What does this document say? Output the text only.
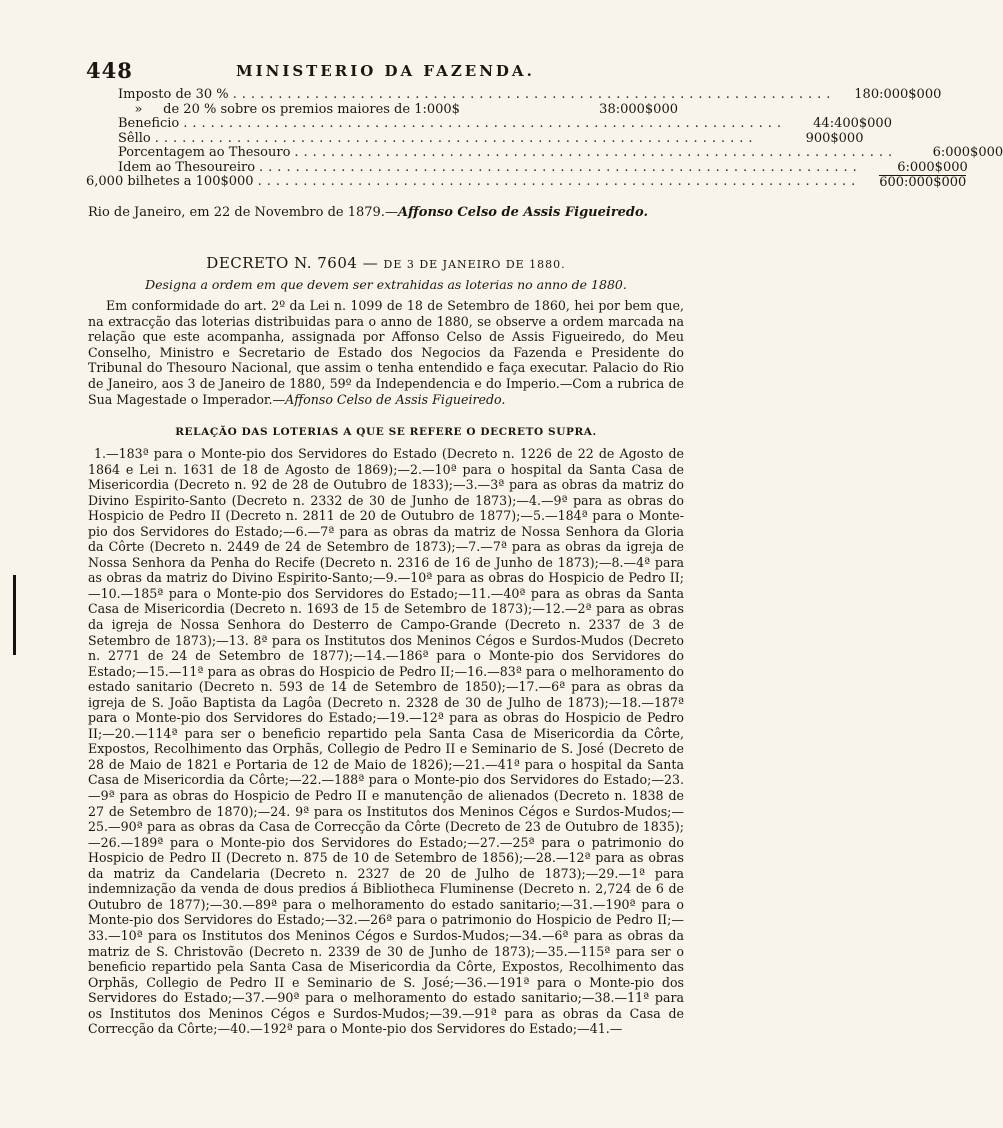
448	MINISTERIO DA FAZENDA.
Imposto de 30 % ..................................................................	180:000$000
»     de 20 % sobre os premios maiores de 1:000$	38:000$000
Beneficio ..................................................................	44:400$000
Sêllo ..................................................................	900$000
Porcentagem ao Thesouro ..................................................................	6:000$000
Idem ao Thesoureiro ..................................................................	6:000$000
6,000 bilhetes a 100$000 ..................................................................	600:000$000
Rio de Janeiro, em 22 de Novembro de 1879.—Affonso Celso de Assis Figueiredo.
DECRETO N. 7604 — DE 3 DE JANEIRO DE 1880.
Designa a ordem em que devem ser extrahidas as loterias no anno de 1880.

Em conformidade do art. 2º da Lei n. 1099 de 18 de Setembro de 1860, hei por bem que, na extracção das loterias distribuidas para o anno de 1880, se observe a ordem marcada na relação que este acompanha, assignada por Affonso Celso de Assis Figueiredo, do Meu Conselho, Ministro e Secretario de Estado dos Negocios da Fazenda e Presidente do Tribunal do Thesouro Nacional, que assim o tenha entendido e faça executar. Palacio do Rio de Janeiro, aos 3 de Janeiro de 1880, 59º da Independencia e do Imperio.—Com a rubrica de Sua Magestade o Imperador.—Affonso Celso de Assis Figueiredo.

RELAÇÃO DAS LOTERIAS A QUE SE REFERE O DECRETO SUPRA.

1.—183ª para o Monte-pio dos Servidores do Estado (Decreto n. 1226 de 22 de Agosto de 1864 e Lei n. 1631 de 18 de Agosto de 1869);—2.—10ª para o hospital da Santa Casa de Misericordia (Decreto n. 92 de 28 de Outubro de 1833);—3.—3ª para as obras da matriz do Divino Espirito-Santo (Decreto n. 2332 de 30 de Junho de 1873);—4.—9ª para as obras do Hospicio de Pedro II (Decreto n. 2811 de 20 de Outubro de 1877);—5.—184ª para o Monte-pio dos Servidores do Estado;—6.—7ª para as obras da matriz de Nossa Senhora da Gloria da Côrte (Decreto n. 2449 de 24 de Setembro de 1873);—7.—7ª para as obras da igreja de Nossa Senhora da Penha do Recife (Decreto n. 2316 de 16 de Junho de 1873);—8.—4ª para as obras da matriz do Divino Espirito-Santo;—9.—10ª para as obras do Hospicio de Pedro II;—10.—185ª para o Monte-pio dos Servidores do Estado;—11.—40ª para as obras da Santa Casa de Misericordia (Decreto n. 1693 de 15 de Setembro de 1873);—12.—2ª para as obras da igreja de Nossa Senhora do Desterro de Campo-Grande (Decreto n. 2337 de 3 de Setembro de 1873);—13. 8ª para os Institutos dos Meninos Cégos e Surdos-Mudos (Decreto n. 2771 de 24 de Setembro de 1877);—14.—186ª para o Monte-pio dos Servidores do Estado;—15.—11ª para as obras do Hospicio de Pedro II;—16.—83ª para o melhoramento do estado sanitario (Decreto n. 593 de 14 de Setembro de 1850);—17.—6ª para as obras da igreja de S. João Baptista da Lagôa (Decreto n. 2328 de 30 de Julho de 1873);—18.—187ª para o Monte-pio dos Servidores do Estado;—19.—12ª para as obras do Hospicio de Pedro II;—20.—114ª para ser o beneficio repartido pela Santa Casa de Misericordia da Côrte, Expostos, Recolhimento das Orphãs, Collegio de Pedro II e Seminario de S. José (Decreto de 28 de Maio de 1821 e Portaria de 12 de Maio de 1826);—21.—41ª para o hospital da Santa Casa de Misericordia da Côrte;—22.—188ª para o Monte-pio dos Servidores do Estado;—23.—9ª para as obras do Hospicio de Pedro II e manutenção de alienados (Decreto n. 1838 de 27 de Setembro de 1870);—24. 9ª para os Institutos dos Meninos Cégos e Surdos-Mudos;—25.—90ª para as obras da Casa de Correcção da Côrte (Decreto de 23 de Outubro de 1835);—26.—189ª para o Monte-pio dos Servidores do Estado;—27.—25ª para o patrimonio do Hospicio de Pedro II (Decreto n. 875 de 10 de Setembro de 1856);—28.—12ª para as obras da matriz da Candelaria (Decreto n. 2327 de 20 de Julho de 1873);—29.—1ª para indemnização da venda de dous predios á Bibliotheca Fluminense (Decreto n. 2,724 de 6 de Outubro de 1877);—30.—89ª para o melhoramento do estado sanitario;—31.—190ª para o Monte-pio dos Servidores do Estado;—32.—26ª para o patrimonio do Hospicio de Pedro II;—33.—10ª para os Institutos dos Meninos Cégos e Surdos-Mudos;—34.—6ª para as obras da matriz de S. Christovão (Decreto n. 2339 de 30 de Junho de 1873);—35.—115ª para ser o beneficio repartido pela Santa Casa de Misericordia da Côrte, Expostos, Recolhimento das Orphãs, Collegio de Pedro II e Seminario de S. José;—36.—191ª para o Monte-pio dos Servidores do Estado;—37.—90ª para o melhoramento do estado sanitario;—38.—11ª para os Institutos dos Meninos Cégos e Surdos-Mudos;—39.—91ª para as obras da Casa de Correcção da Côrte;—40.—192ª para o Monte-pio dos Servidores do Estado;—41.—
